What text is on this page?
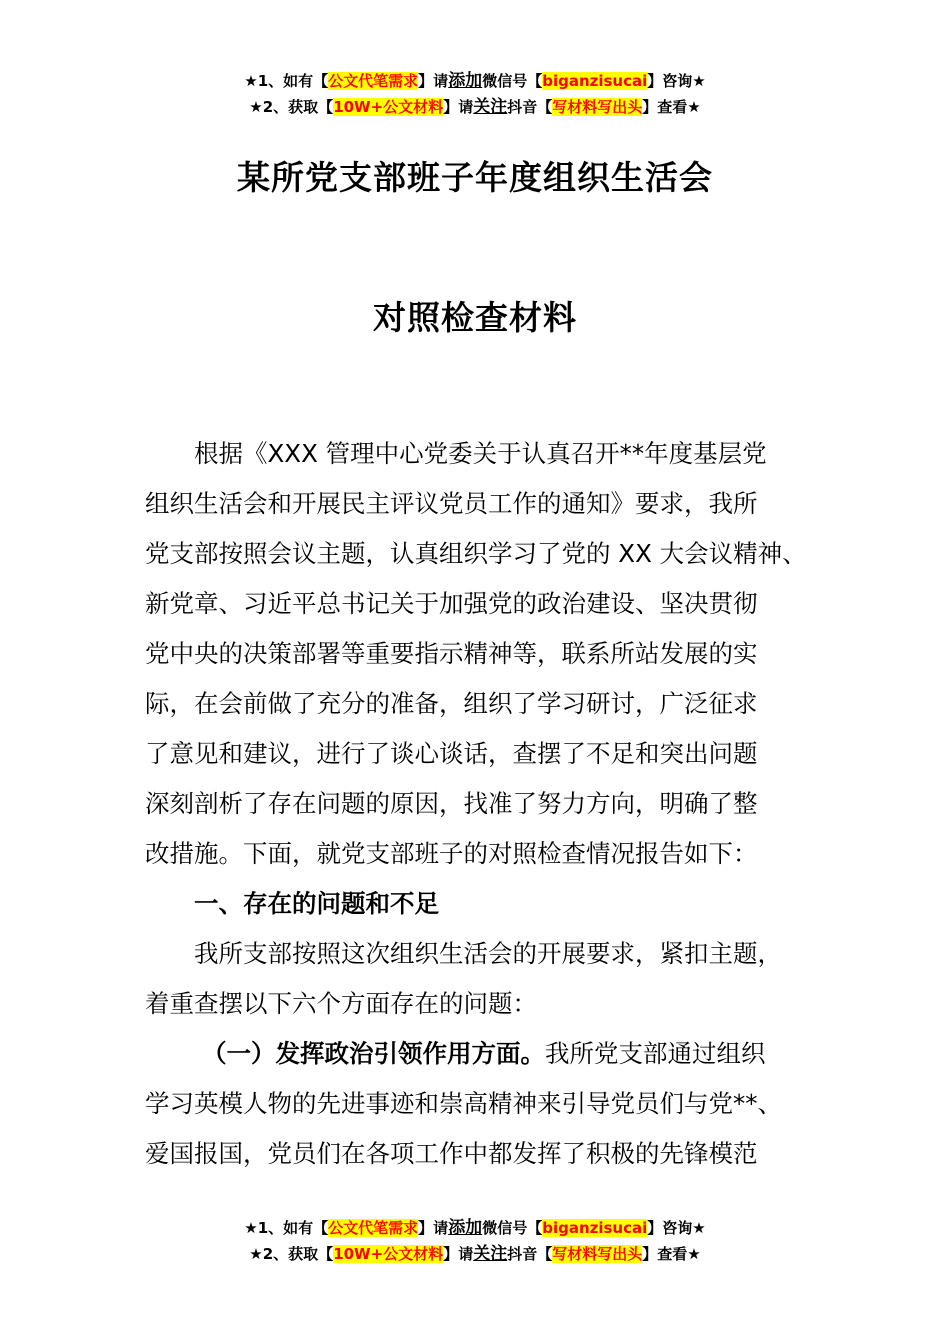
★1、如有【公文代笔需求】请添加微信号【biganzisucai】咨询★
★2、获取【10W+公文材料】请关注抖音【写材料写出头】查看★
某所党支部班子年度组织生活会
对照检查材料

根据《XXX 管理中心党委关于认真召开**年度基层党
组织生活会和开展民主评议党员工作的通知》要求，我所
党支部按照会议主题，认真组织学习了党的 XX 大会议精神、
新党章、习近平总书记关于加强党的政治建设、坚决贯彻
党中央的决策部署等重要指示精神等，联系所站发展的实
际，在会前做了充分的准备，组织了学习研讨，广泛征求
了意见和建议，进行了谈心谈话，查摆了不足和突出问题
深刻剖析了存在问题的原因，找准了努力方向，明确了整
改措施。下面，就党支部班子的对照检查情况报告如下：

一、存在的问题和不足

我所支部按照这次组织生活会的开展要求，紧扣主题，
着重查摆以下六个方面存在的问题：

（一）发挥政治引领作用方面。我所党支部通过组织
学习英模人物的先进事迹和崇高精神来引导党员们与党**、
爱国报国，党员们在各项工作中都发挥了积极的先锋模范

★1、如有【公文代笔需求】请添加微信号【biganzisucai】咨询★
★2、获取【10W+公文材料】请关注抖音【写材料写出头】查看★
